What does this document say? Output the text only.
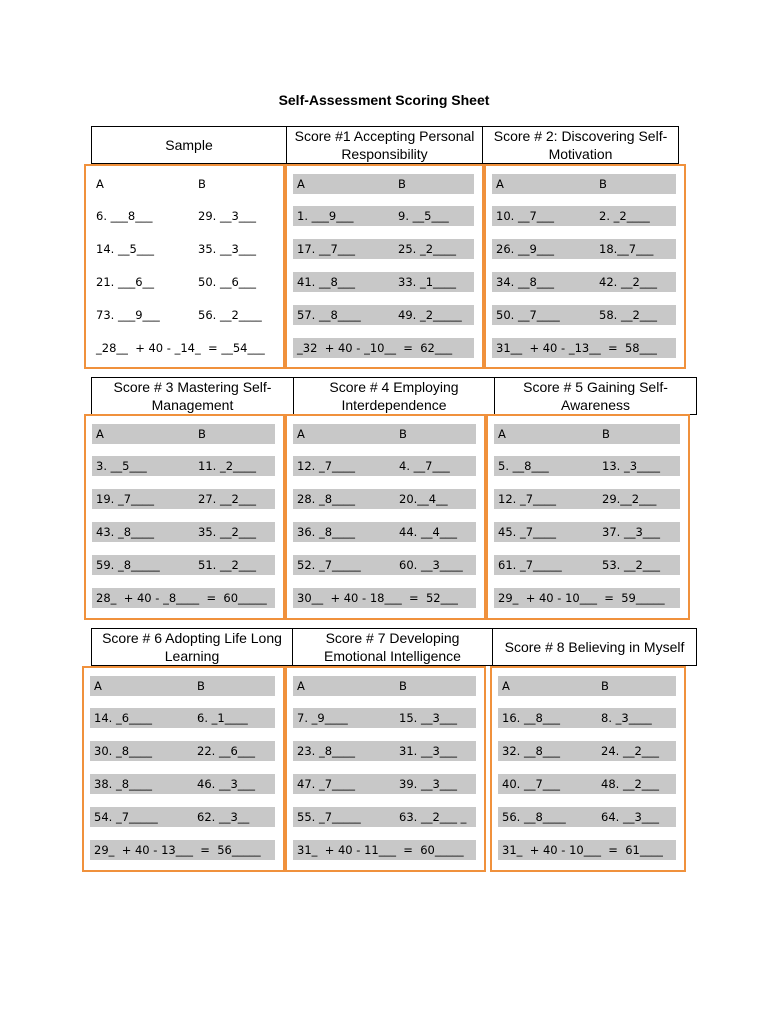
Self-Assessment Scoring Sheet
Sample
Score #1 Accepting Personal Responsibility
Score # 2: Discovering Self-Motivation
Score # 3 Mastering Self-Management
Score # 4 Employing Interdependence
Score # 5 Gaining Self-Awareness
Score # 6 Adopting Life Long Learning
Score # 7 Developing Emotional Intelligence
Score # 8 Believing in Myself
A	B
6. ___8___	29. __3___
14. __5___	35. __3___
21. ___6__	50. __6___
73. ___9___	56. __2____
_28__  + 40 - _14_  = __54___
A	B
1. ___9___	9. __5___
17. __7___	25. _2____
41. __8___	33. _1____
57. __8____	49. _2_____
_32  + 40 - _10__  =  62___
A	B
10. __7___	2. _2____
26. __9___	18.__7___
34. __8___	42. __2___
50. __7____	58. __2___
31__  + 40 - _13__  =  58___
A	B
3. __5___	11. _2____
19. _7____	27. __2___
43. _8____	35. __2___
59. _8_____	51. __2___
28_  + 40 - _8____  =  60_____
A	B
12. _7____	4. __7___
28. _8____	20.__4__
36. _8____	44. __4___
52. _7_____	60. __3____
30__  + 40 - 18___  =  52___
A	B
5. __8___	13. _3____
12. _7____	29.__2___
45. _7____	37. __3___
61. _7_____	53. __2___
29_  + 40 - 10___  =  59_____
A	B
14. _6____	6. _1____
30. _8____	22. __6___
38. _8____	46. __3___
54. _7_____	62. __3__
29_  + 40 - 13___  =  56_____
A	B
7. _9____	15. __3___
23. _8____	31. __3___
47. _7____	39. __3___
55. _7_____	63. __2___ _
31_  + 40 - 11___  =  60_____
A	B
16. __8___	8. _3____
32. __8___	24. __2___
40. __7___	48. __2___
56. __8____	64. __3___
31_  + 40 - 10___  =  61____
